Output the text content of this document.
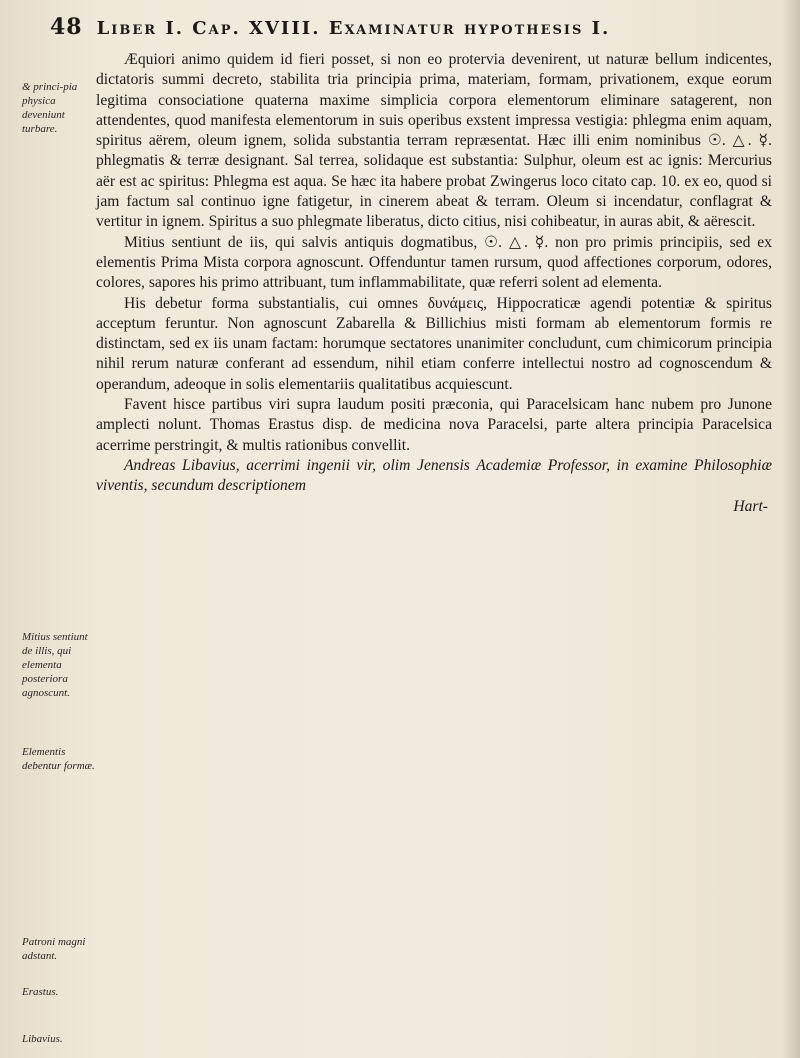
48 Liber I. Cap. XVIII. Examinatur hypothesis I.
& princi-pia physica deveniunt turbare.
Mitius sentiunt de illis, qui elementa posteriora agnoscunt.
Elementis debentur formæ.
Patroni magni adstant.
Erastus.
Libavius.

Æquiori animo quidem id fieri posset, si non eo protervia devenirent, ut naturæ bellum indicentes, dictatoris summi decreto, stabilita tria principia prima, materiam, formam, privationem, exque eorum legitima consociatione quaterna maxime simplicia corpora elementorum eliminare satagerent, non attendentes, quod manifesta elementorum in suis operibus exstent impressa vestigia: phlegma enim aquam, spiritus aërem, oleum ignem, solida substantia terram repræsentat. Hæc illi enim nominibus ☉. △. ☿. phlegmatis & terræ designant. Sal terrea, solidaque est substantia: Sulphur, oleum est ac ignis: Mercurius aër est ac spiritus: Phlegma est aqua. Se hæc ita habere probat Zwingerus loco citato cap. 10. ex eo, quod si jam factum sal continuo igne fatigetur, in cinerem abeat & terram. Oleum si incendatur, conflagrat & vertitur in ignem. Spiritus a suo phlegmate liberatus, dicto citius, nisi cohibeatur, in auras abit, & aërescit.

Mitius sentiunt de iis, qui salvis antiquis dogmatibus, ☉. △. ☿. non pro primis principiis, sed ex elementis Prima Mista corpora agnoscunt. Offenduntur tamen rursum, quod affectiones corporum, odores, colores, sapores his primo attribuant, tum inflammabilitate, quæ referri solent ad elementa.

His debetur forma substantialis, cui omnes δυνάμεις, Hippocraticæ agendi potentiæ & spiritus acceptum feruntur. Non agnoscunt Zabarella & Billichius misti formam ab elementorum formis re distinctam, sed ex iis unam factam: horumque sectatores unanimiter concludunt, cum chimicorum principia nihil rerum naturæ conferant ad essendum, nihil etiam conferre intellectui nostro ad cognoscendum & operandum, adeoque in solis elementariis qualitatibus acquiescunt.

Favent hisce partibus viri supra laudum positi præconia, qui Paracelsicam hanc nubem pro Junone amplecti nolunt. Thomas Erastus disp. de medicina nova Paracelsi, parte altera principia Paracelsica acerrime perstringit, & multis rationibus convellit.

Andreas Libavius, acerrimi ingenii vir, olim Jenensis Academiæ Professor, in examine Philosophiæ viventis, secundum descriptionem

Hart-
